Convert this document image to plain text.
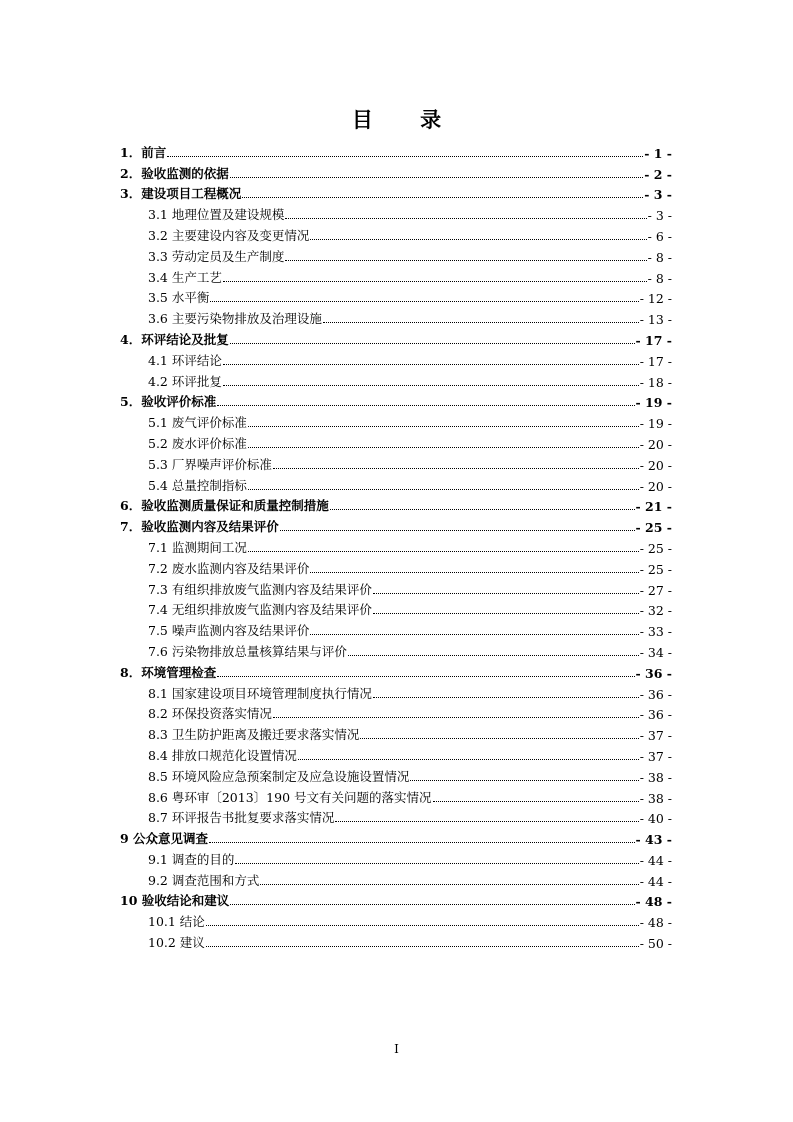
目 录
1．前言	- 1 -
2．验收监测的依据	- 2 -
3．建设项目工程概况	- 3 -
3.1 地理位置及建设规模	- 3 -
3.2 主要建设内容及变更情况	- 6 -
3.3 劳动定员及生产制度	- 8 -
3.4 生产工艺	- 8 -
3.5 水平衡	- 12 -
3.6 主要污染物排放及治理设施	- 13 -
4．环评结论及批复	- 17 -
4.1 环评结论	- 17 -
4.2 环评批复	- 18 -
5．验收评价标准	- 19 -
5.1 废气评价标准	- 19 -
5.2 废水评价标准	- 20 -
5.3 厂界噪声评价标准	- 20 -
5.4 总量控制指标	- 20 -
6．验收监测质量保证和质量控制措施	- 21 -
7．验收监测内容及结果评价	- 25 -
7.1 监测期间工况	- 25 -
7.2 废水监测内容及结果评价	- 25 -
7.3 有组织排放废气监测内容及结果评价	- 27 -
7.4 无组织排放废气监测内容及结果评价	- 32 -
7.5 噪声监测内容及结果评价	- 33 -
7.6 污染物排放总量核算结果与评价	- 34 -
8．环境管理检查	- 36 -
8.1 国家建设项目环境管理制度执行情况	- 36 -
8.2 环保投资落实情况	- 36 -
8.3 卫生防护距离及搬迁要求落实情况	- 37 -
8.4 排放口规范化设置情况	- 37 -
8.5 环境风险应急预案制定及应急设施设置情况	- 38 -
8.6 粤环审〔2013〕190 号文有关问题的落实情况	- 38 -
8.7 环评报告书批复要求落实情况	- 40 -
9 公众意见调查	- 43 -
9.1 调查的目的	- 44 -
9.2 调查范围和方式	- 44 -
10 验收结论和建议	- 48 -
10.1 结论	- 48 -
10.2 建议	- 50 -
I
